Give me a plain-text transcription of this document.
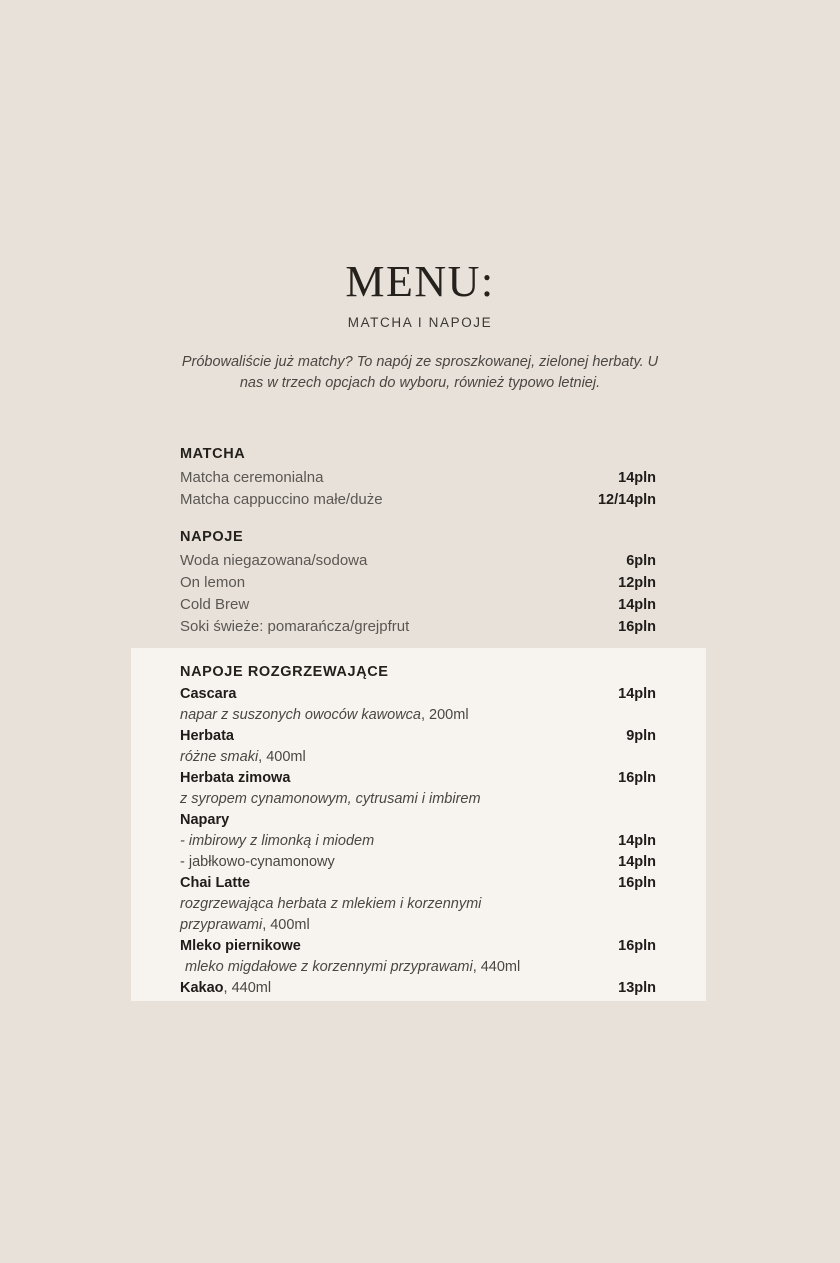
MENU:
MATCHA I NAPOJE
Próbowaliście już matchy? To napój ze sproszkowanej, zielonej herbaty. U nas w trzech opcjach do wyboru, również typowo letniej.
MATCHA
Matcha ceremonialna	14pln
Matcha cappuccino małe/duże	12/14pln
NAPOJE
Woda niegazowana/sodowa	6pln
On lemon	12pln
Cold Brew	14pln
Soki świeże: pomarańcza/grejpfrut	16pln
NAPOJE ROZGRZEWAJĄCE
Cascara	14pln
napar z suszonych owoców kawowca, 200ml
Herbata	9pln
różne smaki, 400ml
Herbata zimowa	16pln
z syropem cynamonowym, cytrusami i imbirem
Napary
- imbirowy z limonką i miodem	14pln
- jabłkowo-cynamonowy	14pln
Chai Latte	16pln
rozgrzewająca herbata z mlekiem i korzennymi
przyprawami, 400ml
Mleko piernikowe	16pln
mleko migdałowe z korzennymi przyprawami, 440ml
Kakao, 440ml	13pln
